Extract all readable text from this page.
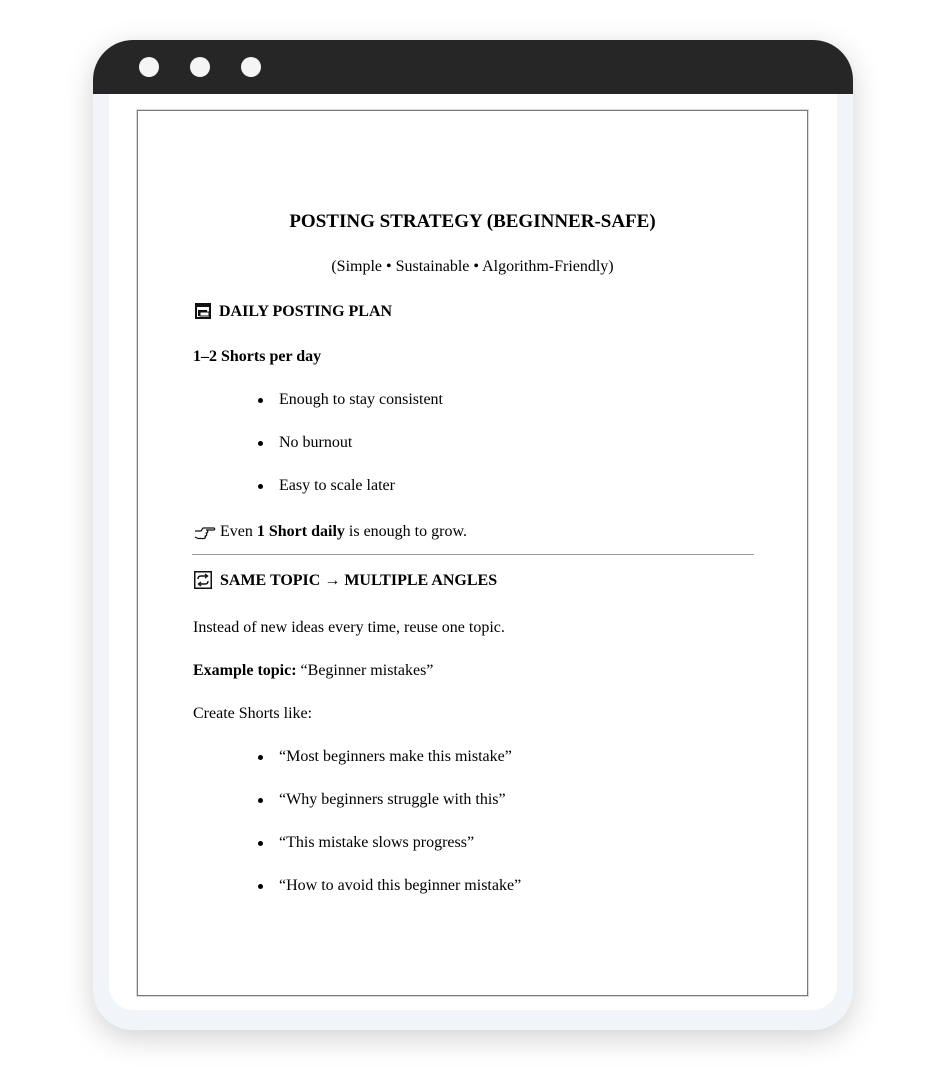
POSTING STRATEGY (BEGINNER-SAFE)
(Simple • Sustainable • Algorithm-Friendly)
DAILY POSTING PLAN
1–2 Shorts per day
Enough to stay consistent
No burnout
Easy to scale later
Even 1 Short daily is enough to grow.
SAME TOPIC → MULTIPLE ANGLES
Instead of new ideas every time, reuse one topic.
Example topic: “Beginner mistakes”
Create Shorts like:
“Most beginners make this mistake”
“Why beginners struggle with this”
“This mistake slows progress”
“How to avoid this beginner mistake”
